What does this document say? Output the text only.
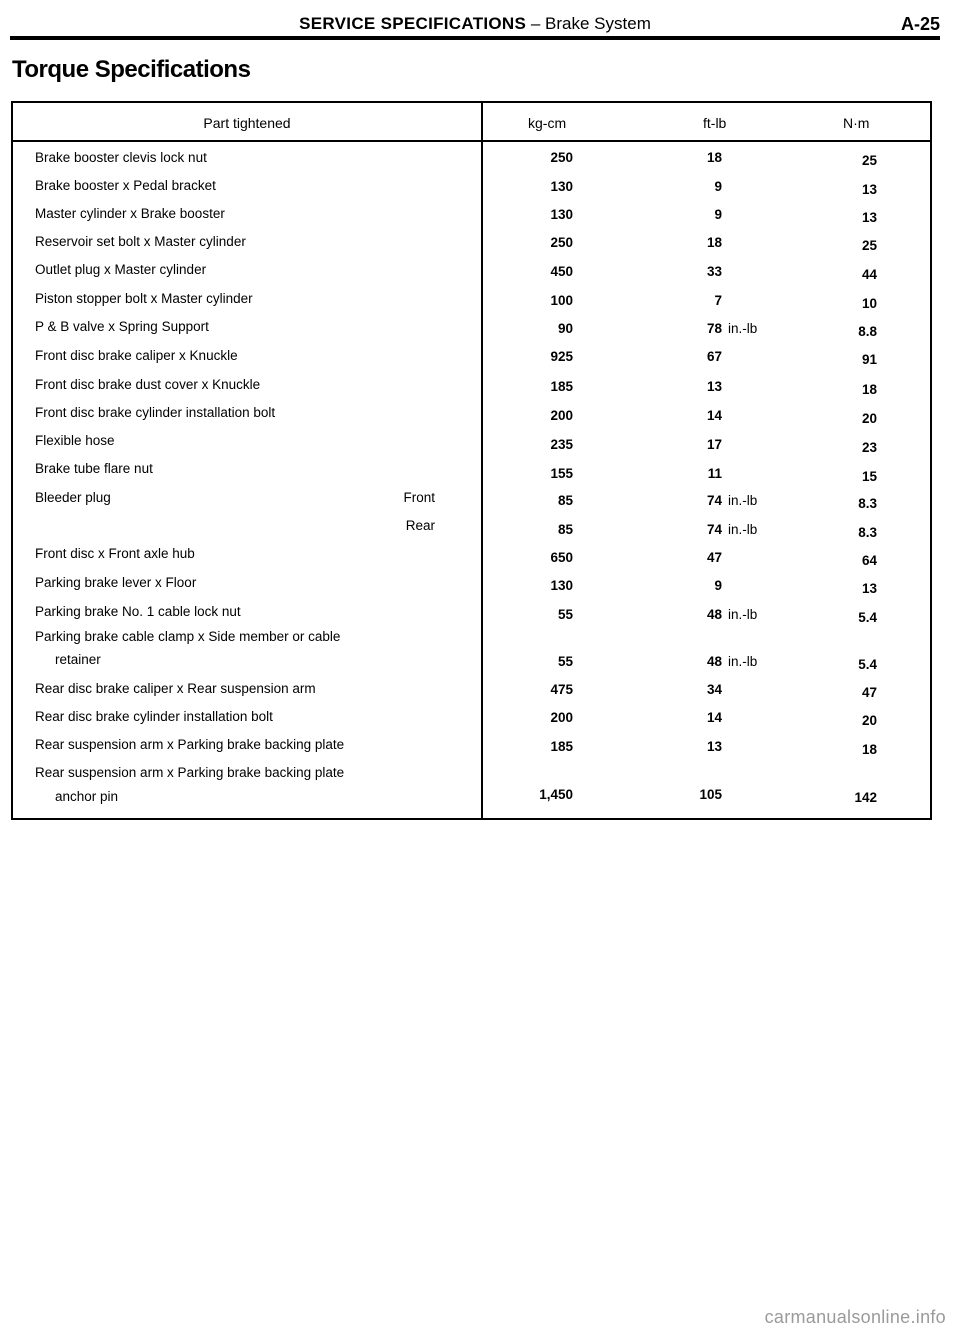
SERVICE SPECIFICATIONS – Brake System	A-25
Torque Specifications
Part tightened	kg-cm	ft-lb	N·m
Brake booster clevis lock nut	250	18	25
Brake booster x Pedal bracket	130	9	13
Master cylinder x Brake booster	130	9	13
Reservoir set bolt x Master cylinder	250	18	25
Outlet plug x Master cylinder	450	33	44
Piston stopper bolt x Master cylinder	100	7	10
P & B valve x Spring Support	90	78 in.-lb	8.8
Front disc brake caliper x Knuckle	925	67	91
Front disc brake dust cover x Knuckle	185	13	18
Front disc brake cylinder installation bolt	200	14	20
Flexible hose	235	17	23
Brake tube flare nut	155	11	15
Bleeder plug	Front	85	74 in.-lb	8.3
Rear	85	74 in.-lb	8.3
Front disc x Front axle hub	650	47	64
Parking brake lever x Floor	130	9	13
Parking brake No. 1 cable lock nut	55	48 in.-lb	5.4
Parking brake cable clamp x Side member or cable
retainer	55	48 in.-lb	5.4
Rear disc brake caliper x Rear suspension arm	475	34	47
Rear disc brake cylinder installation bolt	200	14	20
Rear suspension arm x Parking brake backing plate	185	13	18
Rear suspension arm x Parking brake backing plate
anchor pin	1,450	105	142
carmanualsonline.info
